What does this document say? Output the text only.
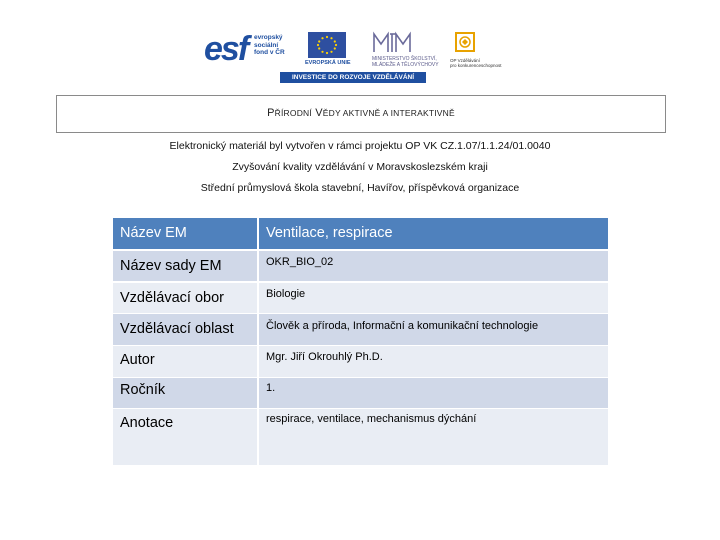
esf evropský
sociální
fond v ČR
EVROPSKÁ UNIE
MINISTERSTVO ŠKOLSTVÍ,
MLÁDEŽE A TĚLOVÝCHOVY
OP Vzdělávání
pro konkurenceschopnost
INVESTICE DO ROZVOJE VZDĚLÁVÁNÍ
PŘÍRODNÍ VĚDY AKTIVNĚ A INTERAKTIVNĚ
Elektronický materiál byl vytvořen v rámci projektu OP VK CZ.1.07/1.1.24/01.0040
Zvyšování kvality vzdělávání v Moravskoslezském kraji
Střední průmyslová škola stavební, Havířov, příspěvková organizace
Název EM	Ventilace, respirace
Název sady EM	OKR_BIO_02
Vzdělávací obor	Biologie
Vzdělávací oblast	Člověk a příroda, Informační a komunikační technologie
Autor	Mgr. Jiří Okrouhlý Ph.D.
Ročník	1.
Anotace	respirace, ventilace, mechanismus dýchání
